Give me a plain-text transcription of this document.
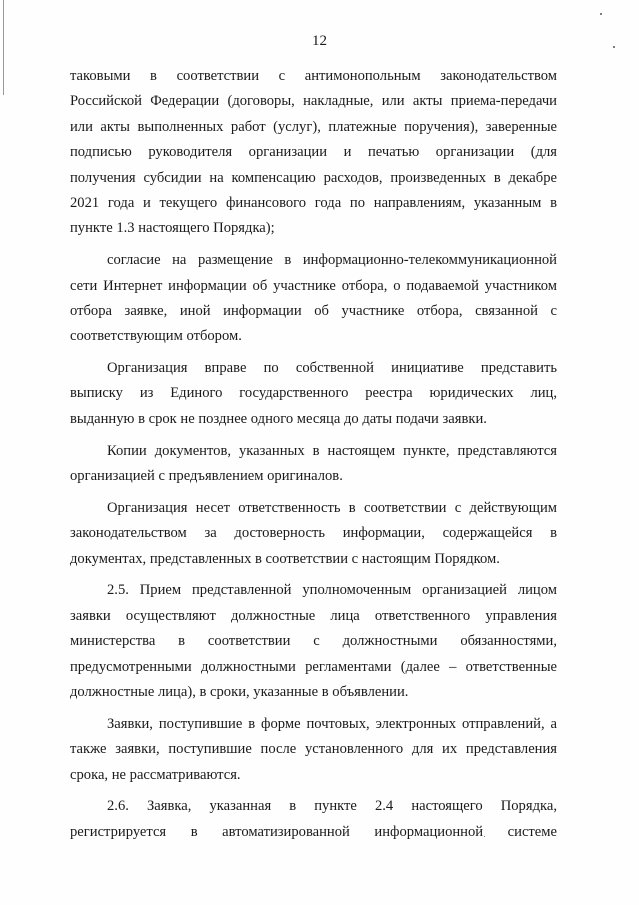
12
таковыми в соответствии с антимонопольным законодательством
Российской Федерации (договоры, накладные, или акты приема-передачи
или акты выполненных работ (услуг), платежные поручения), заверенные
подписью руководителя организации и печатью организации (для
получения субсидии на компенсацию расходов, произведенных в декабре
2021 года и текущего финансового года по направлениям, указанным в
пункте 1.3 настоящего Порядка);
согласие на размещение в информационно-телекоммуникационной
сети Интернет информации об участнике отбора, о подаваемой участником
отбора заявке, иной информации об участнике отбора, связанной с
соответствующим отбором.
Организация вправе по собственной инициативе представить
выписку из Единого государственного реестра юридических лиц,
выданную в срок не позднее одного месяца до даты подачи заявки.
Копии документов, указанных в настоящем пункте, представляются
организацией с предъявлением оригиналов.
Организация несет ответственность в соответствии с действующим
законодательством за достоверность информации, содержащейся в
документах, представленных в соответствии с настоящим Порядком.
2.5. Прием представленной уполномоченным организацией лицом
заявки осуществляют должностные лица ответственного управления
министерства в соответствии с должностными обязанностями,
предусмотренными должностными регламентами (далее – ответственные
должностные лица), в сроки, указанные в объявлении.
Заявки, поступившие в форме почтовых, электронных отправлений, а
также заявки, поступившие после установленного для их представления
срока, не рассматриваются.
2.6. Заявка, указанная в пункте 2.4 настоящего Порядка,
регистрируется в автоматизированной информационной системе
